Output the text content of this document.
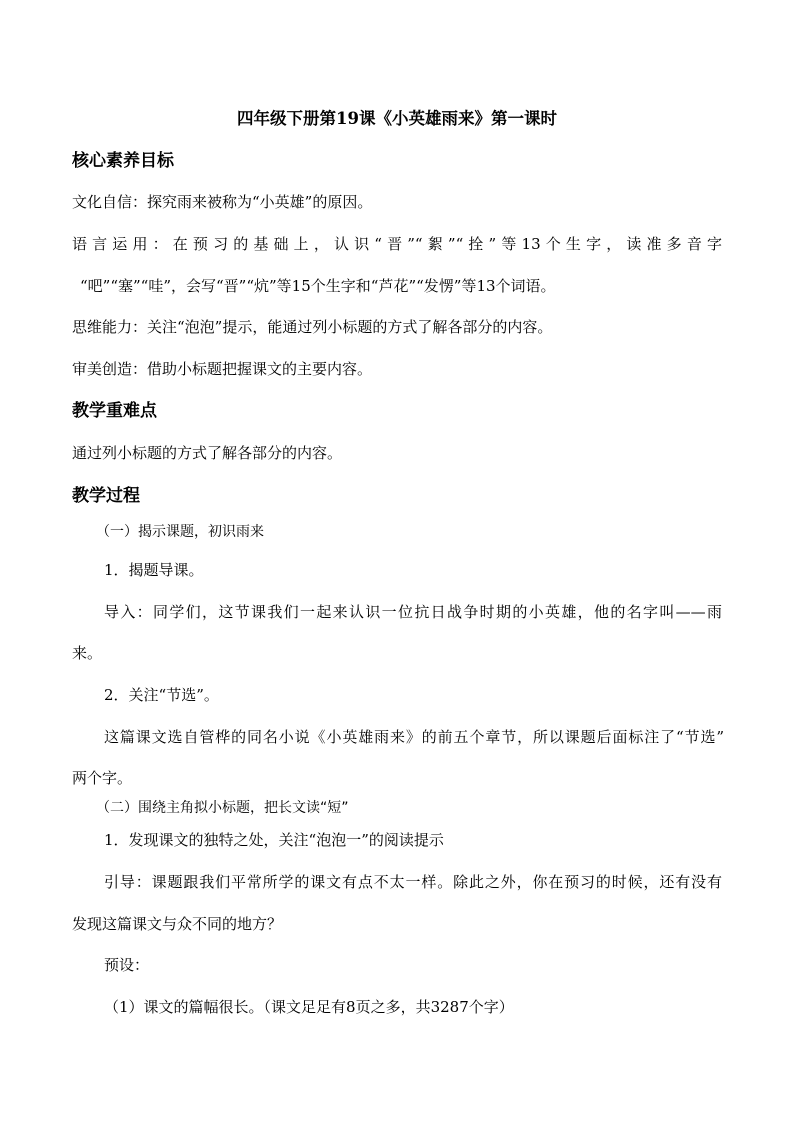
四年级下册第19课《小英雄雨来》第一课时
核心素养目标
文化自信：探究雨来被称为“小英雄”的原因。
语言运用：在预习的基础上，认识“晋”“絮”“拴”等13个生字，读准多音字
“吧”“塞”“哇”，会写“晋”“炕”等15个生字和“芦花”“发愣”等13个词语。
思维能力：关注“泡泡”提示，能通过列小标题的方式了解各部分的内容。
审美创造：借助小标题把握课文的主要内容。
教学重难点
通过列小标题的方式了解各部分的内容。
教学过程
（一）揭示课题，初识雨来
1．揭题导课。
导入：同学们，这节课我们一起来认识一位抗日战争时期的小英雄，他的名字叫——雨
来。
2．关注“节选”。
这篇课文选自管桦的同名小说《小英雄雨来》的前五个章节，所以课题后面标注了“节选”
两个字。
（二）围绕主角拟小标题，把长文读“短”
1．发现课文的独特之处，关注“泡泡一”的阅读提示
引导：课题跟我们平常所学的课文有点不太一样。除此之外，你在预习的时候，还有没有
发现这篇课文与众不同的地方？
预设：
（1）课文的篇幅很长。（课文足足有8页之多，共3287个字）
